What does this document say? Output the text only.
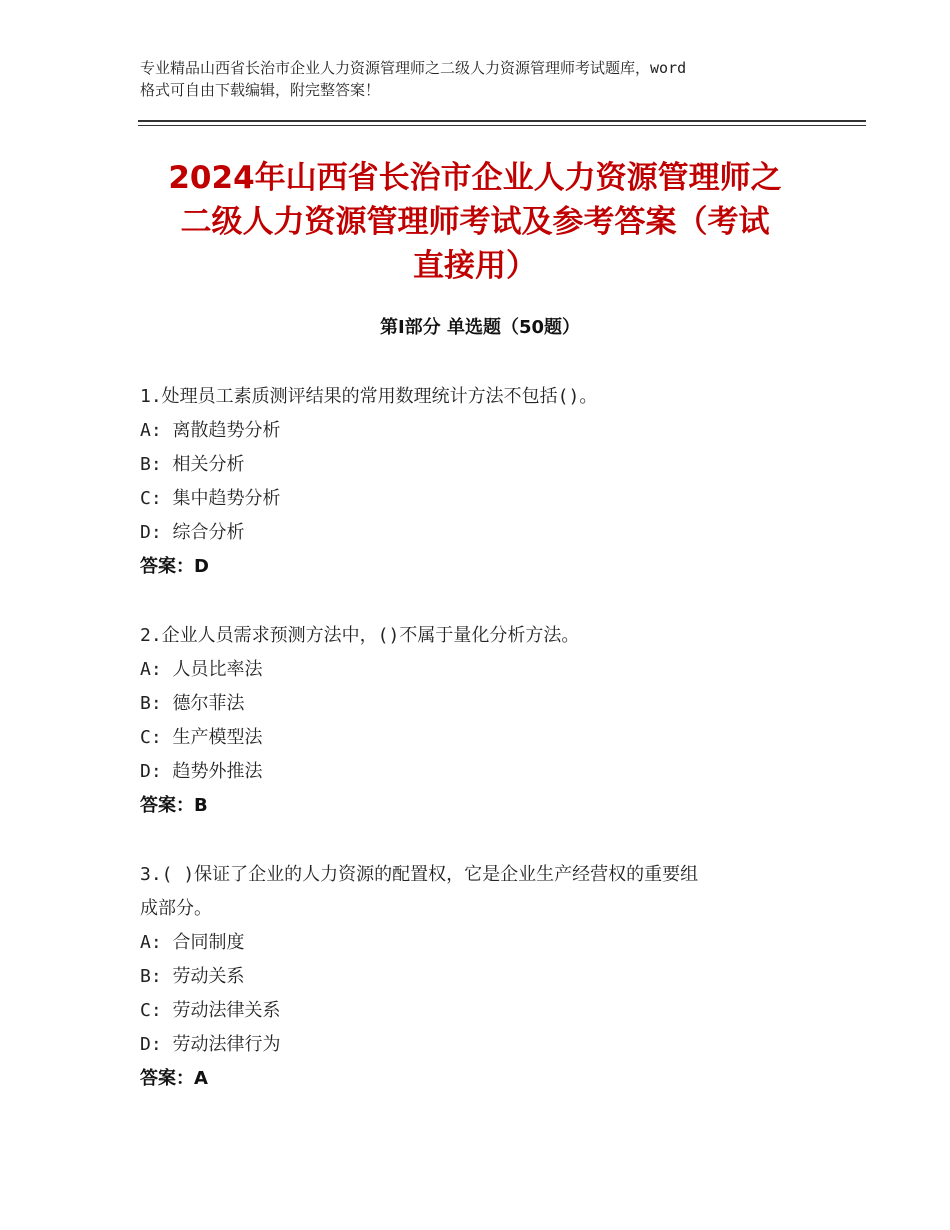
专业精品山西省长治市企业人力资源管理师之二级人力资源管理师考试题库，word
格式可自由下载编辑，附完整答案！
2024年山西省长治市企业人力资源管理师之
二级人力资源管理师考试及参考答案（考试
直接用）
第Ⅰ部分 单选题（50题）
1.处理员工素质测评结果的常用数理统计方法不包括()。
A: 离散趋势分析
B: 相关分析
C: 集中趋势分析
D: 综合分析
答案：D
2.企业人员需求预测方法中，()不属于量化分析方法。
A: 人员比率法
B: 德尔菲法
C: 生产模型法
D: 趋势外推法
答案：B
3.( )保证了企业的人力资源的配置权，它是企业生产经营权的重要组
成部分。
A: 合同制度
B: 劳动关系
C: 劳动法律关系
D: 劳动法律行为
答案：A
